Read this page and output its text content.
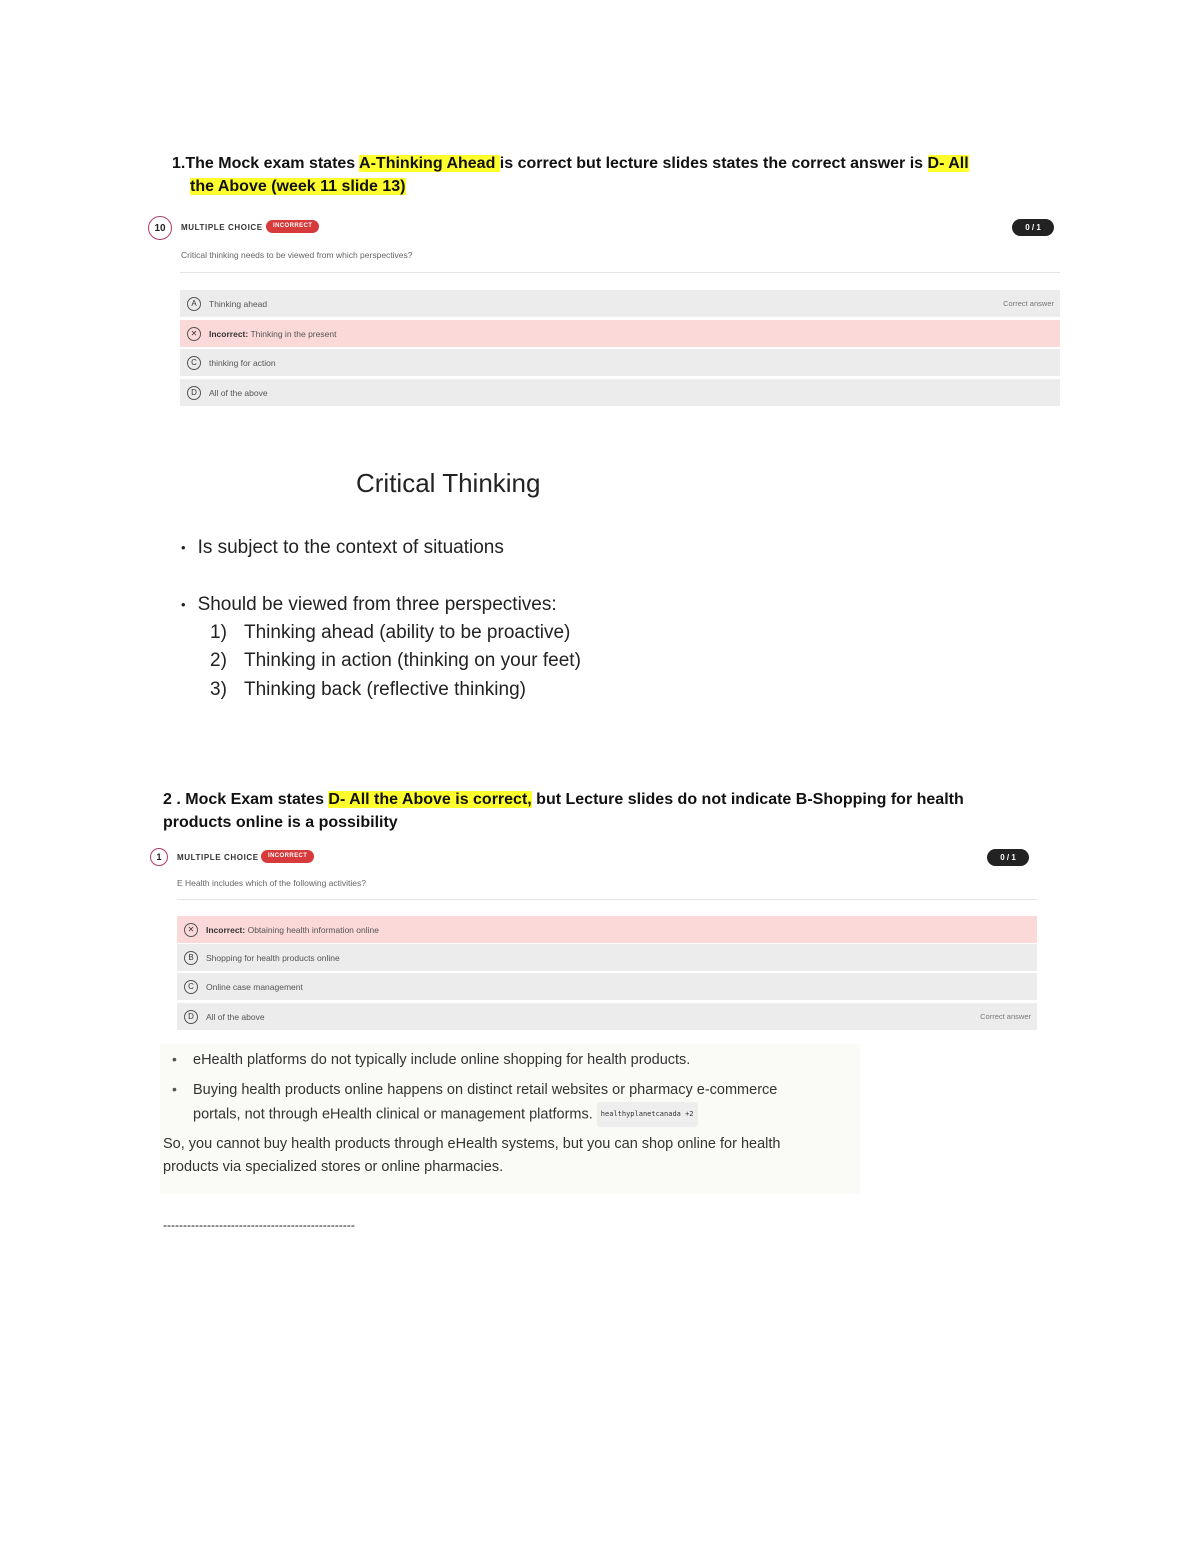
1.The Mock exam states A-Thinking Ahead is correct but lecture slides states the correct answer is D- All
the Above (week 11 slide 13)
10	MULTIPLE CHOICE	INCORRECT	0 / 1
Critical thinking needs to be viewed from which perspectives?
A	Thinking ahead	Correct answer
✕	Incorrect: Thinking in the present
C	thinking for action
D	All of the above
Critical Thinking
• Is subject to the context of situations
• Should be viewed from three perspectives:
1) Thinking ahead (ability to be proactive)
2) Thinking in action (thinking on your feet)
3) Thinking back (reflective thinking)
2 . Mock Exam states D- All the Above is correct, but Lecture slides do not indicate B-Shopping for health
products online is a possibility
1	MULTIPLE CHOICE	INCORRECT	0 / 1
E Health includes which of the following activities?
✕	Incorrect: Obtaining health information online
B	Shopping for health products online
C	Online case management
D	All of the above	Correct answer
• eHealth platforms do not typically include online shopping for health products.
• Buying health products online happens on distinct retail websites or pharmacy e-commerce
portals, not through eHealth clinical or management platforms. healthyplanetcanada +2
So, you cannot buy health products through eHealth systems, but you can shop online for health
products via specialized stores or online pharmacies.
------------------------------------------------
